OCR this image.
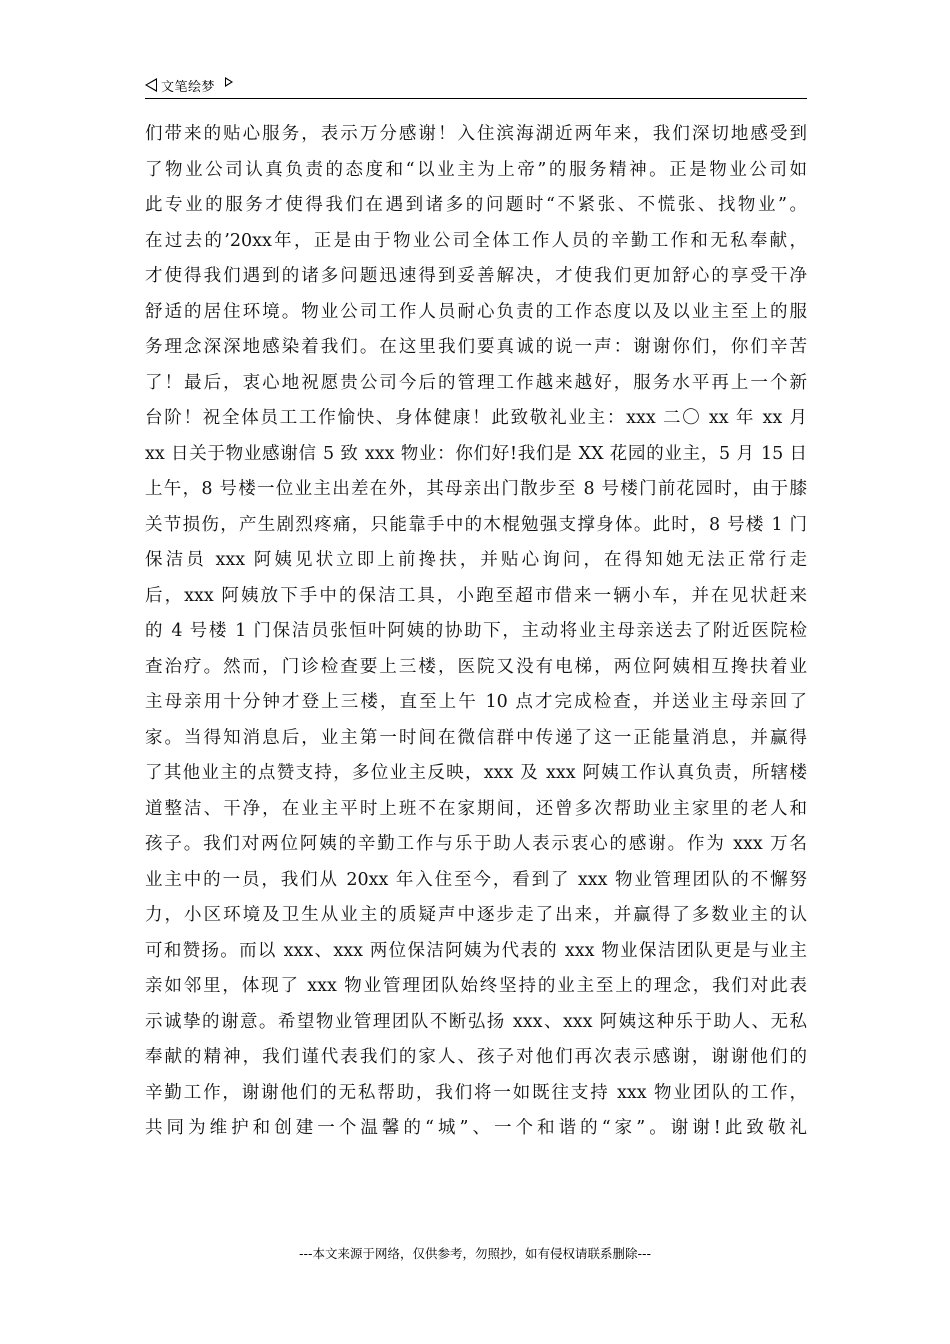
文笔绘梦
们带来的贴心服务，表示万分感谢！入住滨海湖近两年来，我们深切地感受到
了物业公司认真负责的态度和“以业主为上帝”的服务精神。正是物业公司如
此专业的服务才使得我们在遇到诸多的问题时“不紧张、不慌张、找物业”。
在过去的’20xx年，正是由于物业公司全体工作人员的辛勤工作和无私奉献，
才使得我们遇到的诸多问题迅速得到妥善解决，才使我们更加舒心的享受干净
舒适的居住环境。物业公司工作人员耐心负责的工作态度以及以业主至上的服
务理念深深地感染着我们。在这里我们要真诚的说一声：谢谢你们，你们辛苦
了！最后，衷心地祝愿贵公司今后的管理工作越来越好，服务水平再上一个新
台阶！祝全体员工工作愉快、身体健康！此致敬礼业主：xxx 二〇 xx 年 xx 月
xx 日关于物业感谢信 5 致 xxx 物业：你们好!我们是 XX 花园的业主，5 月 15 日
上午，8 号楼一位业主出差在外，其母亲出门散步至 8 号楼门前花园时，由于膝
关节损伤，产生剧烈疼痛，只能靠手中的木棍勉强支撑身体。此时，8 号楼 1 门
保洁员 xxx 阿姨见状立即上前搀扶，并贴心询问，在得知她无法正常行走
后，xxx 阿姨放下手中的保洁工具，小跑至超市借来一辆小车，并在见状赶来
的 4 号楼 1 门保洁员张恒叶阿姨的协助下，主动将业主母亲送去了附近医院检
查治疗。然而，门诊检查要上三楼，医院又没有电梯，两位阿姨相互搀扶着业
主母亲用十分钟才登上三楼，直至上午 10 点才完成检查，并送业主母亲回了
家。当得知消息后，业主第一时间在微信群中传递了这一正能量消息，并赢得
了其他业主的点赞支持，多位业主反映，xxx 及 xxx 阿姨工作认真负责，所辖楼
道整洁、干净，在业主平时上班不在家期间，还曾多次帮助业主家里的老人和
孩子。我们对两位阿姨的辛勤工作与乐于助人表示衷心的感谢。作为 xxx 万名
业主中的一员，我们从 20xx 年入住至今，看到了 xxx 物业管理团队的不懈努
力，小区环境及卫生从业主的质疑声中逐步走了出来，并赢得了多数业主的认
可和赞扬。而以 xxx、xxx 两位保洁阿姨为代表的 xxx 物业保洁团队更是与业主
亲如邻里，体现了 xxx 物业管理团队始终坚持的业主至上的理念，我们对此表
示诚挚的谢意。希望物业管理团队不断弘扬 xxx、xxx 阿姨这种乐于助人、无私
奉献的精神，我们谨代表我们的家人、孩子对他们再次表示感谢，谢谢他们的
辛勤工作，谢谢他们的无私帮助，我们将一如既往支持 xxx 物业团队的工作，
共同为维护和创建一个温馨的“城”、一个和谐的“家”。谢谢!此致敬礼
---本文来源于网络，仅供参考，勿照抄，如有侵权请联系删除---
